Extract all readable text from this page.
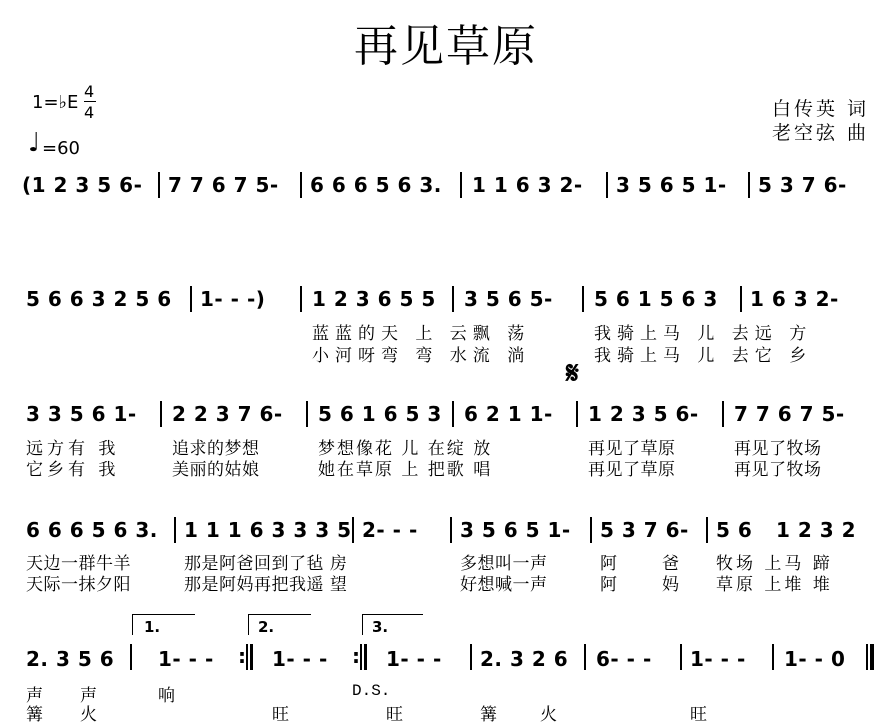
再见草原
1=♭E
4
4
♩ =60
白传英 词
老空弦 曲
(1 2 3 5 6- 7 7 6 7 5- 6 6 6 5 6 3. 1 1 6 3 2- 3 5 6 5 1- 5 3 7 6-
5 6 6 3 2 5 6 1- - -) 1 2 3 6 5 5 3 5 6 5- 5 6 1 5 6 3 1 6 3 2-
蓝蓝的天 上 云飘 荡	我骑上马 儿 去远 方
小河呀弯 弯 水流 淌	我骑上马 儿 去它 乡
𝄋
3 3 5 6 1- 2 2 3 7 6- 5 6 1 6 5 3 6 2 1 1- 1 2 3 5 6- 7 7 6 7 5-
远方有 我	追求的梦想	梦想像花 儿 在绽 放	再见了草原	再见了牧场
它乡有 我	美丽的姑娘	她在草原 上 把歌 唱	再见了草原	再见了牧场
6 6 6 5 6 3. 1 1 1 6 3 3 3 5 2- - - 3 5 6 5 1- 5 3 7 6- 5 6 1 2 3 2
天边一群牛羊	那是阿爸回到了毡 房	多想叫一声	阿	爸 牧场 上马 蹄
天际一抹夕阳	那是阿妈再把我遥 望	好想喊一声	阿	妈 草原 上堆 堆
1.	2.	3.
2. 3 5 6 1- - - : 1- - - : 1- - - 2. 3 2 6 6- - - 1- - - 1- - 0
声 声	响	D.S.
篝 火	旺	旺	篝	火	旺
